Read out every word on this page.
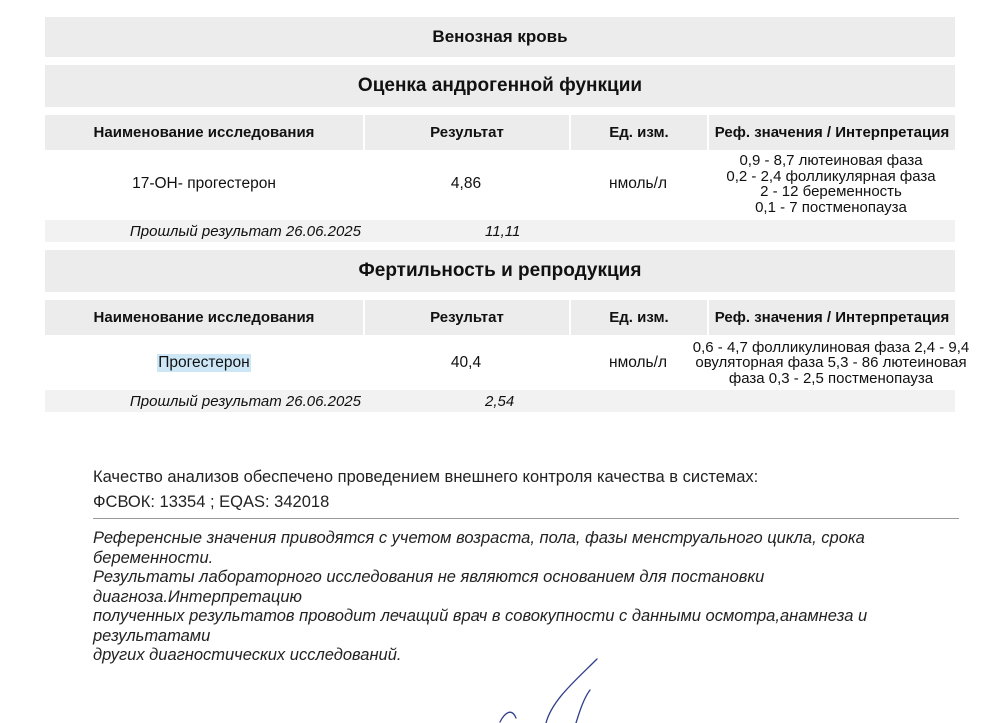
Венозная кровь
Оценка андрогенной функции
Наименование исследования	Результат	Ед. изм.	Реф. значения / Интерпретация
17-ОН- прогестерон	4,86	нмоль/л
0,9 - 8,7 лютеиновая фаза
0,2 - 2,4 фолликулярная фаза
2 - 12 беременность
0,1 - 7 постменопауза
Прошлый результат 26.06.2025	11,11
Фертильность и репродукция
Наименование исследования	Результат	Ед. изм.	Реф. значения / Интерпретация
Прогестерон	40,4	нмоль/л
0,6 - 4,7 фолликулиновая фаза 2,4 - 9,4
овуляторная фаза 5,3 - 86 лютеиновая
фаза 0,3 - 2,5 постменопауза
Прошлый результат 26.06.2025	2,54
Качество анализов обеспечено проведением внешнего контроля качества в системах:
ФСВОК: 13354 ; EQAS: 342018
Референсные значения приводятся с учетом возраста, пола, фазы менструального цикла, срока беременности.
Результаты лабораторного исследования не являются основанием для постановки диагноза.Интерпретацию
полученных результатов проводит лечащий врач в совокупности с данными осмотра,анамнеза и результатами
других диагностических исследований.
